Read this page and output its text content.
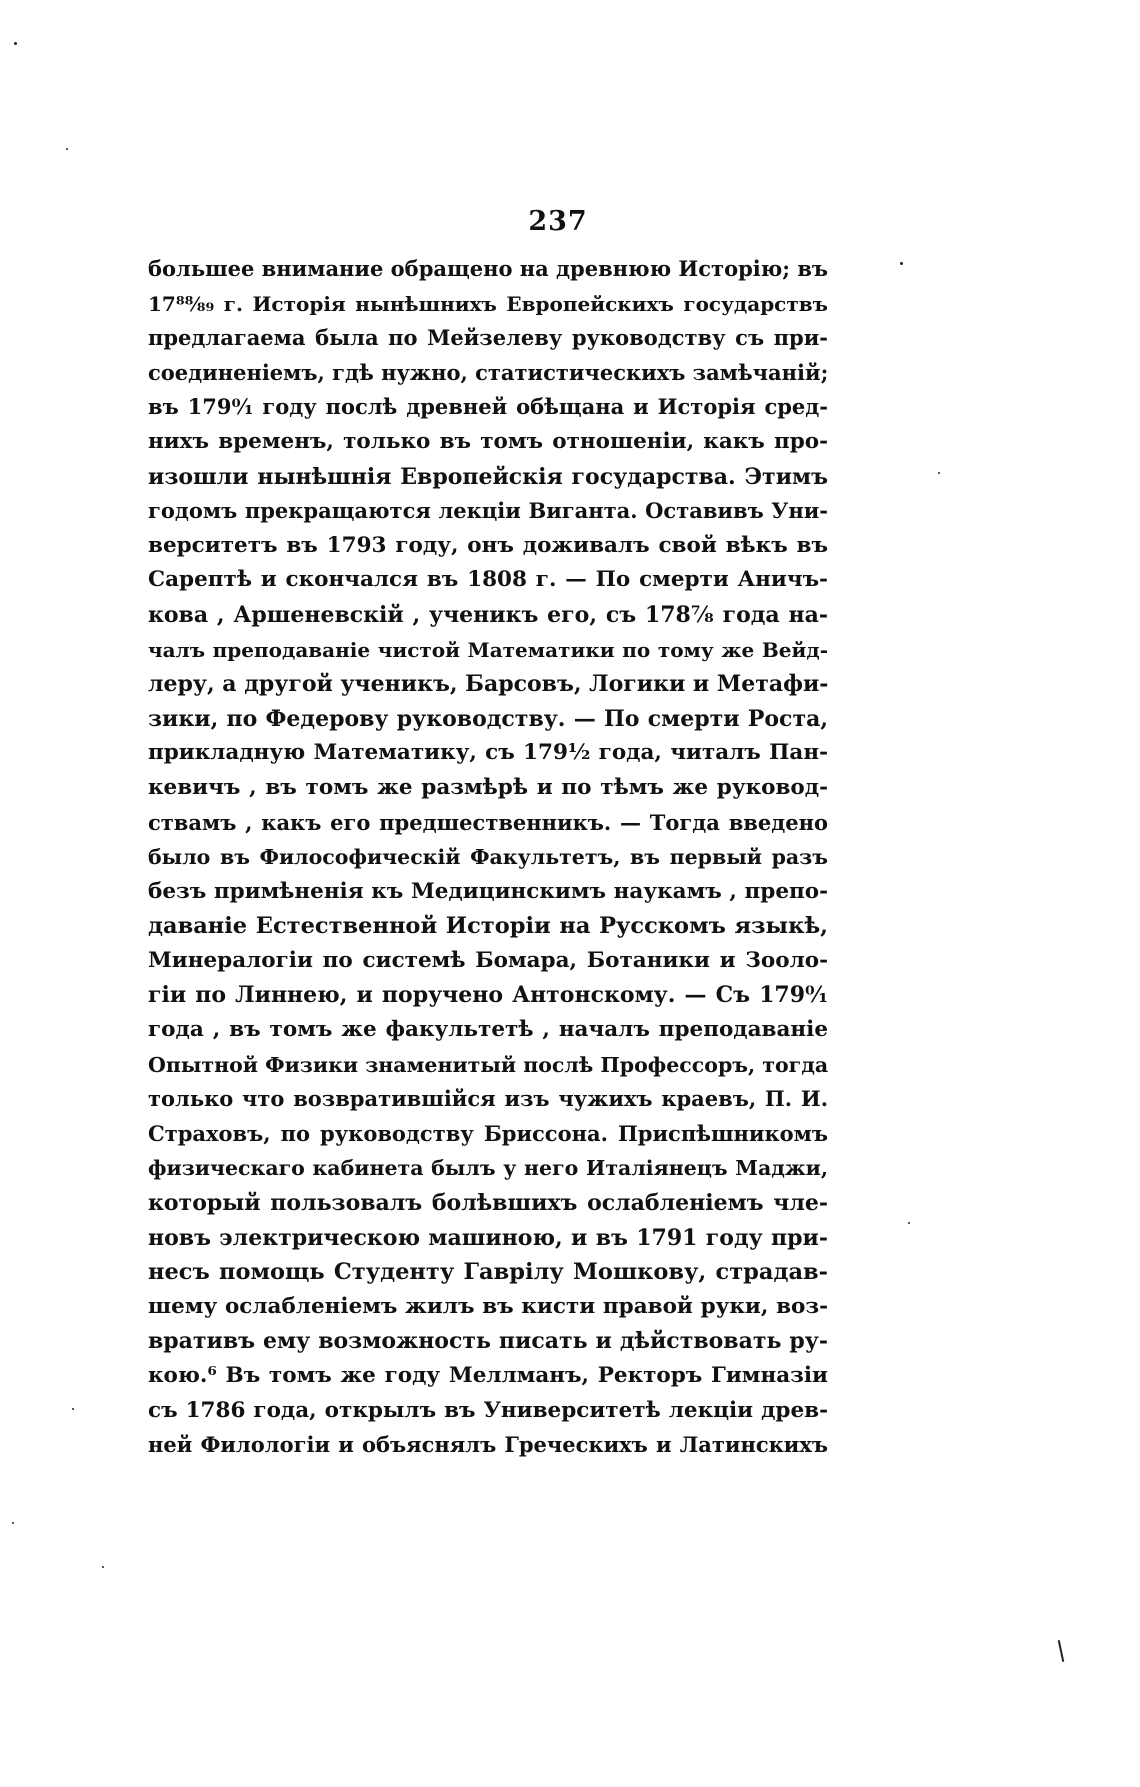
237
большее внимание обращено на древнюю Исторію; въ
17⁸⁸⁄₈₉ г. Исторія нынѣшнихъ Европейскихъ государствъ
предлагаема была по Мейзелеву руководству съ при-
соединеніемъ, гдѣ нужно, статистическихъ замѣчаній;
въ 179⁰⁄₁ году послѣ древней обѣщана и Исторія сред-
нихъ временъ, только въ томъ отношеніи, какъ про-
изошли нынѣшнія Европейскія государства. Этимъ
годомъ прекращаются лекціи Виганта. Оставивъ Уни-
верситетъ въ 1793 году, онъ доживалъ свой вѣкъ въ
Сарептѣ и скончался въ 1808 г. — По смерти Аничъ-
кова , Аршеневскій , ученикъ его, съ 178⁷⁄₈ года на-
чалъ преподаваніе чистой Математики по тому же Вейд-
леру, а другой ученикъ, Барсовъ, Логики и Метафи-
зики, по Федерову руководству. — По смерти Роста,
прикладную Математику, съ 179¹⁄₂ года, читалъ Пан-
кевичъ , въ томъ же размѣрѣ и по тѣмъ же руковод-
ствамъ , какъ его предшественникъ. — Тогда введено
было въ Философическій Факультетъ, въ первый разъ
безъ примѣненія къ Медицинскимъ наукамъ , препо-
даваніе Естественной Исторіи на Русскомъ языкѣ,
Минералогіи по системѣ Бомара, Ботаники и Зооло-
гіи по Линнею, и поручено Антонскому. — Съ 179⁰⁄₁
года , въ томъ же факультетѣ , началъ преподаваніе
Опытной Физики знаменитый послѣ Профессоръ, тогда
только что возвратившійся изъ чужихъ краевъ, П. И.
Страховъ, по руководству Бриссона. Приспѣшникомъ
физическаго кабинета былъ у него Италіянецъ Маджи,
который пользовалъ болѣвшихъ ослабленіемъ чле-
новъ электрическою машиною, и въ 1791 году при-
несъ помощь Студенту Гаврілу Мошкову, страдав-
шему ослабленіемъ жилъ въ кисти правой руки, воз-
вративъ ему возможность писать и дѣйствовать ру-
кою.⁶ Въ томъ же году Меллманъ, Ректоръ Гимназіи
съ 1786 года, открылъ въ Университетѣ лекціи древ-
ней Филологіи и объяснялъ Греческихъ и Латинскихъ
